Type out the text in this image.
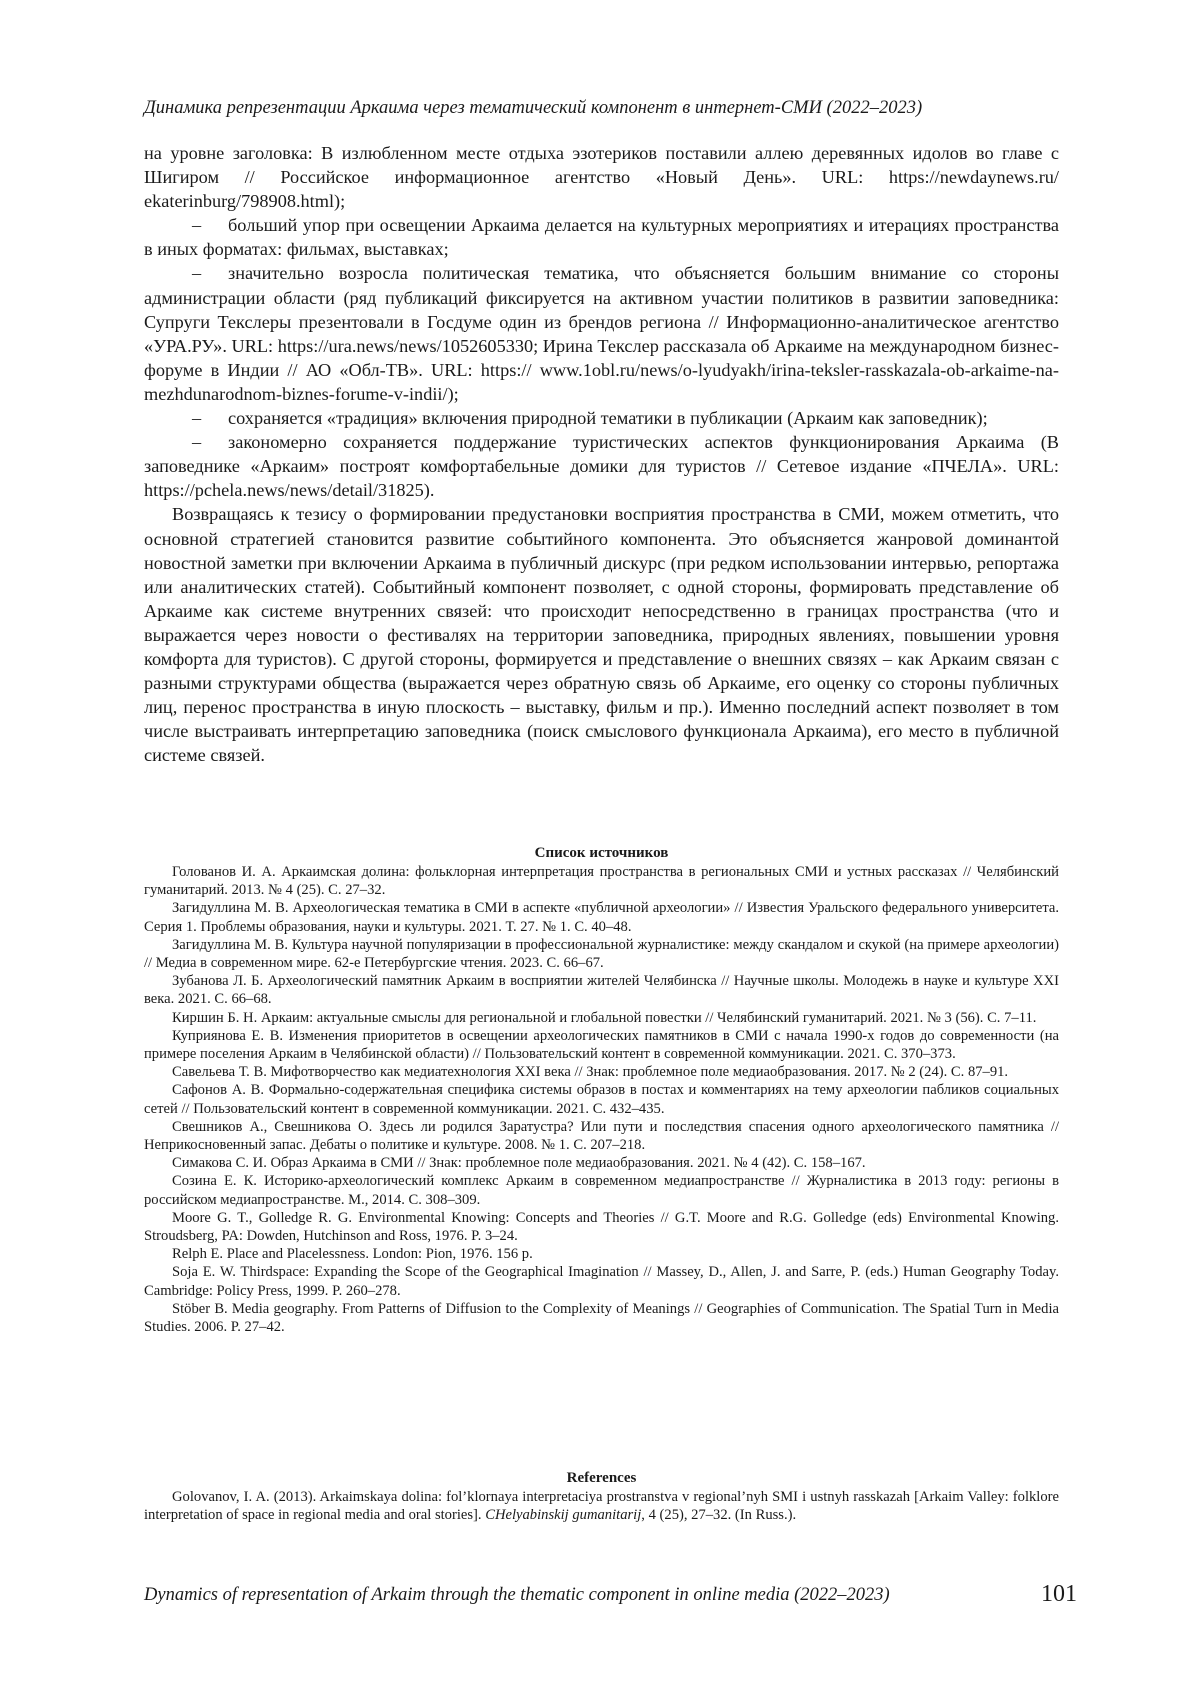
Динамика репрезентации Аркаима через тематический компонент в интернет-СМИ (2022–2023)

на уровне заголовка: В излюбленном месте отдыха эзотериков поставили аллею деревянных идолов во главе с Шигиром // Российское информационное агентство «Новый День». URL: https://newdaynews.ru/ ekaterinburg/798908.html);

– больший упор при освещении Аркаима делается на культурных мероприятиях и итерациях пространства в иных форматах: фильмах, выставках;

– значительно возросла политическая тематика, что объясняется большим внимание со стороны администрации области (ряд публикаций фиксируется на активном участии политиков в развитии заповедника: Супруги Текслеры презентовали в Госдуме один из брендов региона // Информационно-аналитическое агентство «УРА.РУ». URL: https://ura.news/news/1052605330; Ирина Текслер рассказала об Аркаиме на международном бизнес-форуме в Индии // АО «Обл-ТВ». URL: https:// www.1obl.ru/news/o-lyudyakh/irina-teksler-rasskazala-ob-arkaime-na-mezhdunarodnom-biznes-forume-v-indii/);

– сохраняется «традиция» включения природной тематики в публикации (Аркаим как заповедник);

– закономерно сохраняется поддержание туристических аспектов функционирования Аркаима (В заповеднике «Аркаим» построят комфортабельные домики для туристов // Сетевое издание «ПЧЕЛА». URL: https://pchela.news/news/detail/31825).

Возвращаясь к тезису о формировании предустановки восприятия пространства в СМИ, можем отметить, что основной стратегией становится развитие событийного компонента. Это объясняется жанровой доминантой новостной заметки при включении Аркаима в публичный дискурс (при редком использовании интервью, репортажа или аналитических статей). Событийный компонент позволяет, с одной стороны, формировать представление об Аркаиме как системе внутренних связей: что происходит непосредственно в границах пространства (что и выражается через новости о фестивалях на территории заповедника, природных явлениях, повышении уровня комфорта для туристов). С другой стороны, формируется и представление о внешних связях – как Аркаим связан с разными структурами общества (выражается через обратную связь об Аркаиме, его оценку со стороны публичных лиц, перенос пространства в иную плоскость – выставку, фильм и пр.). Именно последний аспект позволяет в том числе выстраивать интерпретацию заповедника (поиск смыслового функционала Аркаима), его место в публичной системе связей.

Список источников

Голованов И. А. Аркаимская долина: фольклорная интерпретация пространства в региональных СМИ и устных рассказах // Челябинский гуманитарий. 2013. № 4 (25). С. 27–32.

Загидуллина М. В. Археологическая тематика в СМИ в аспекте «публичной археологии» // Известия Уральского федерального университета. Серия 1. Проблемы образования, науки и культуры. 2021. Т. 27. № 1. С. 40–48.

Загидуллина М. В. Культура научной популяризации в профессиональной журналистике: между скандалом и скукой (на примере археологии) // Медиа в современном мире. 62-е Петербургские чтения. 2023. С. 66–67.

Зубанова Л. Б. Археологический памятник Аркаим в восприятии жителей Челябинска // Научные школы. Молодежь в науке и культуре XXI века. 2021. С. 66–68.

Киршин Б. Н. Аркаим: актуальные смыслы для региональной и глобальной повестки // Челябинский гуманитарий. 2021. № 3 (56). С. 7–11.

Куприянова Е. В. Изменения приоритетов в освещении археологических памятников в СМИ с начала 1990-х годов до современности (на примере поселения Аркаим в Челябинской области) // Пользовательский контент в современной коммуникации. 2021. С. 370–373.

Савельева Т. В. Мифотворчество как медиатехнология XXI века // Знак: проблемное поле медиаобразования. 2017. № 2 (24). С. 87–91.

Сафонов А. В. Формально-содержательная специфика системы образов в постах и комментариях на тему археологии пабликов социальных сетей // Пользовательский контент в современной коммуникации. 2021. С. 432–435.

Свешников А., Свешникова О. Здесь ли родился Заратустра? Или пути и последствия спасения одного археологического памятника // Неприкосновенный запас. Дебаты о политике и культуре. 2008. № 1. С. 207–218.

Симакова С. И. Образ Аркаима в СМИ // Знак: проблемное поле медиаобразования. 2021. № 4 (42). С. 158–167.

Созина Е. К. Историко-археологический комплекс Аркаим в современном медиапространстве // Журналистика в 2013 году: регионы в российском медиапространстве. М., 2014. С. 308–309.

Moore G. T., Golledge R. G. Environmental Knowing: Concepts and Theories // G.T. Moore and R.G. Golledge (eds) Environmental Knowing. Stroudsberg, PA: Dowden, Hutchinson and Ross, 1976. P. 3–24.

Relph E. Place and Placelessness. London: Pion, 1976. 156 p.

Soja E. W. Thirdspace: Expanding the Scope of the Geographical Imagination // Massey, D., Allen, J. and Sarre, P. (eds.) Human Geography Today. Cambridge: Policy Press, 1999. P. 260–278.

Stöber B. Media geography. From Patterns of Diffusion to the Complexity of Meanings // Geographies of Communication. The Spatial Turn in Media Studies. 2006. P. 27–42.

References

Golovanov, I. A. (2013). Arkaimskaya dolina: fol’klornaya interpretaciya prostranstva v regional’nyh SMI i ustnyh rasskazah [Arkaim Valley: folklore interpretation of space in regional media and oral stories]. CHelyabinskij gumanitarij, 4 (25), 27–32. (In Russ.).

Dynamics of representation of Arkaim through the thematic component in online media (2022–2023)	101
